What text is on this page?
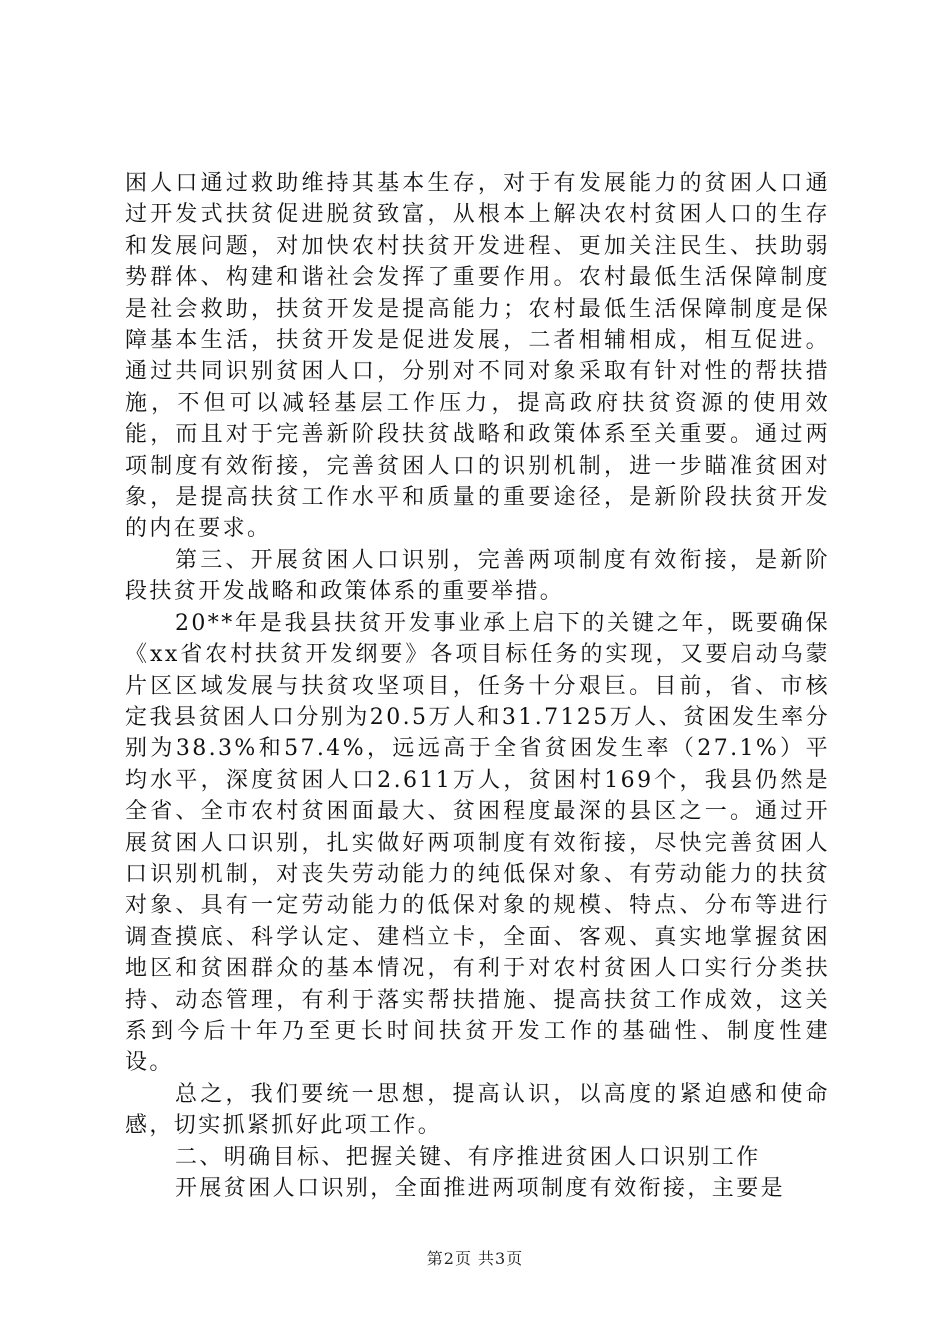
困人口通过救助维持其基本生存，对于有发展能力的贫困人口通过开发式扶贫促进脱贫致富，从根本上解决农村贫困人口的生存和发展问题，对加快农村扶贫开发进程、更加关注民生、扶助弱势群体、构建和谐社会发挥了重要作用。农村最低生活保障制度是社会救助，扶贫开发是提高能力；农村最低生活保障制度是保障基本生活，扶贫开发是促进发展，二者相辅相成，相互促进。通过共同识别贫困人口，分别对不同对象采取有针对性的帮扶措施，不但可以减轻基层工作压力，提高政府扶贫资源的使用效能，而且对于完善新阶段扶贫战略和政策体系至关重要。通过两项制度有效衔接，完善贫困人口的识别机制，进一步瞄准贫困对象，是提高扶贫工作水平和质量的重要途径，是新阶段扶贫开发的内在要求。

第三、开展贫困人口识别，完善两项制度有效衔接，是新阶段扶贫开发战略和政策体系的重要举措。

20**年是我县扶贫开发事业承上启下的关键之年，既要确保《xx省农村扶贫开发纲要》各项目标任务的实现，又要启动乌蒙片区区域发展与扶贫攻坚项目，任务十分艰巨。目前，省、市核定我县贫困人口分别为20.5万人和31.7125万人、贫困发生率分别为38.3%和57.4%，远远高于全省贫困发生率（27.1%）平均水平，深度贫困人口2.611万人，贫困村169个，我县仍然是全省、全市农村贫困面最大、贫困程度最深的县区之一。通过开展贫困人口识别，扎实做好两项制度有效衔接，尽快完善贫困人口识别机制，对丧失劳动能力的纯低保对象、有劳动能力的扶贫对象、具有一定劳动能力的低保对象的规模、特点、分布等进行调查摸底、科学认定、建档立卡，全面、客观、真实地掌握贫困地区和贫困群众的基本情况，有利于对农村贫困人口实行分类扶持、动态管理，有利于落实帮扶措施、提高扶贫工作成效，这关系到今后十年乃至更长时间扶贫开发工作的基础性、制度性建设。

总之，我们要统一思想，提高认识，以高度的紧迫感和使命感，切实抓紧抓好此项工作。

二、明确目标、把握关键、有序推进贫困人口识别工作

开展贫困人口识别，全面推进两项制度有效衔接，主要是

第2页 共3页
